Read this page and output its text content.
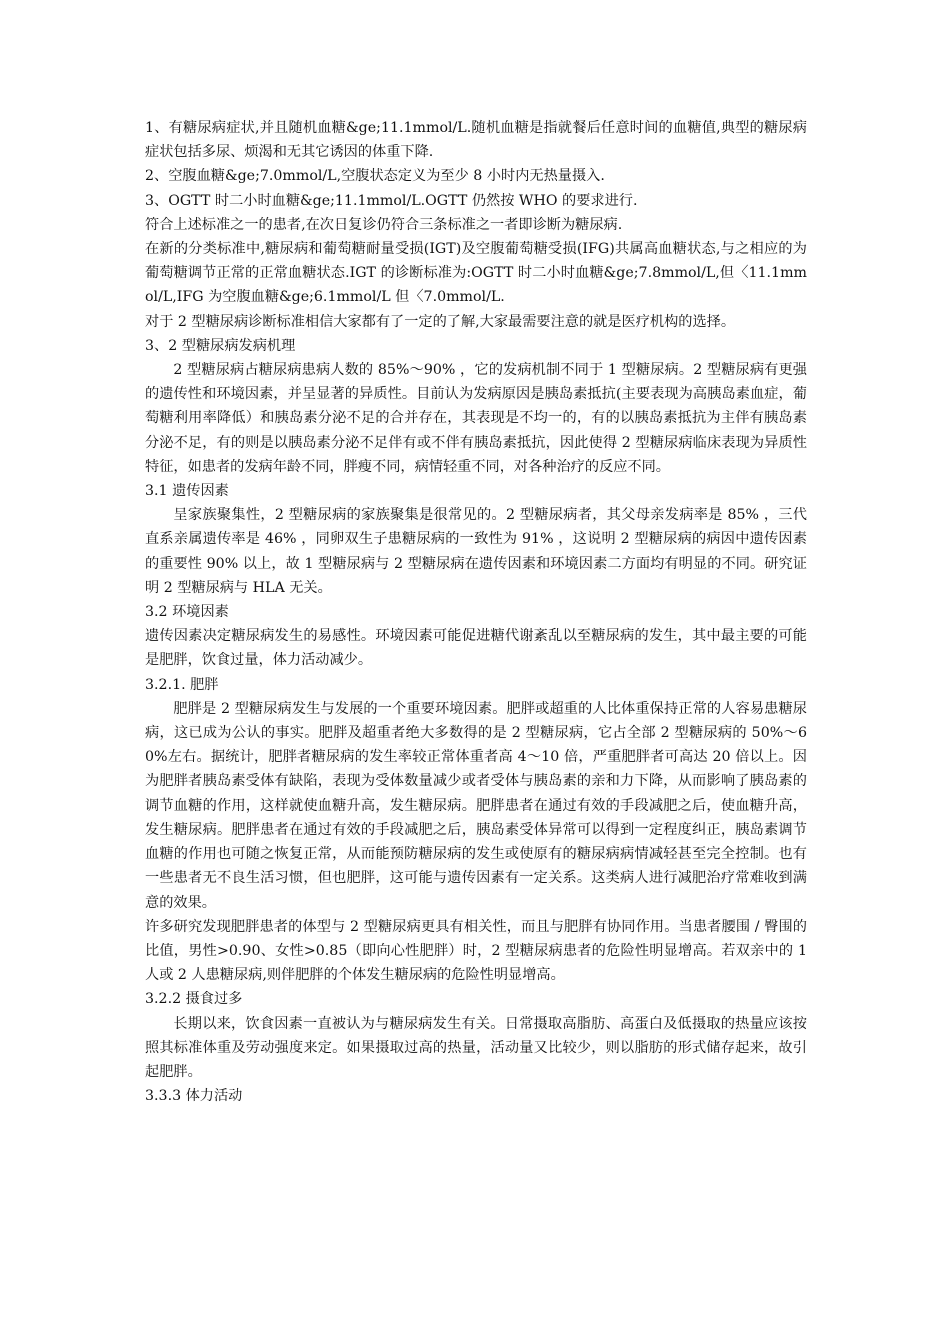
1、有糖尿病症状,并且随机血糖&ge;11.1mmol/L.随机血糖是指就餐后任意时间的血糖值,典型的糖尿病症状包括多尿、烦渴和无其它诱因的体重下降.

2、空腹血糖&ge;7.0mmol/L,空腹状态定义为至少 8 小时内无热量摄入.

3、OGTT 时二小时血糖&ge;11.1mmol/L.OGTT 仍然按 WHO 的要求进行.

符合上述标准之一的患者,在次日复诊仍符合三条标准之一者即诊断为糖尿病.

在新的分类标准中,糖尿病和葡萄糖耐量受损(IGT)及空腹葡萄糖受损(IFG)共属高血糖状态,与之相应的为葡萄糖调节正常的正常血糖状态.IGT 的诊断标准为:OGTT 时二小时血糖&ge;7.8mmol/L,但〈11.1mmol/L,IFG 为空腹血糖&ge;6.1mmol/L 但〈7.0mmol/L.

对于 2 型糖尿病诊断标准相信大家都有了一定的了解,大家最需要注意的就是医疗机构的选择。

3、2 型糖尿病发病机理

2 型糖尿病占糖尿病患病人数的 85%～90% ，它的发病机制不同于 1 型糖尿病。2 型糖尿病有更强的遗传性和环境因素，并呈显著的异质性。目前认为发病原因是胰岛素抵抗(主要表现为高胰岛素血症，葡萄糖利用率降低）和胰岛素分泌不足的合并存在，其表现是不均一的，有的以胰岛素抵抗为主伴有胰岛素分泌不足，有的则是以胰岛素分泌不足伴有或不伴有胰岛素抵抗，因此使得 2 型糖尿病临床表现为异质性特征，如患者的发病年龄不同，胖瘦不同，病情轻重不同，对各种治疗的反应不同。

3.1 遗传因素

呈家族聚集性，2 型糖尿病的家族聚集是很常见的。2 型糖尿病者，其父母亲发病率是 85% ，三代直系亲属遗传率是 46% ，同卵双生子患糖尿病的一致性为 91% ，这说明 2 型糖尿病的病因中遗传因素的重要性 90% 以上，故 1 型糖尿病与 2 型糖尿病在遗传因素和环境因素二方面均有明显的不同。研究证明 2 型糖尿病与 HLA 无关。

3.2 环境因素

遗传因素决定糖尿病发生的易感性。环境因素可能促进糖代谢紊乱以至糖尿病的发生，其中最主要的可能是肥胖，饮食过量，体力活动减少。

3.2.1. 肥胖

肥胖是 2 型糖尿病发生与发展的一个重要环境因素。肥胖或超重的人比体重保持正常的人容易患糖尿病，这已成为公认的事实。肥胖及超重者绝大多数得的是 2 型糖尿病，它占全部 2 型糖尿病的 50%～60%左右。据统计，肥胖者糖尿病的发生率较正常体重者高 4～10 倍，严重肥胖者可高达 20 倍以上。因为肥胖者胰岛素受体有缺陷，表现为受体数量减少或者受体与胰岛素的亲和力下降，从而影响了胰岛素的调节血糖的作用，这样就使血糖升高，发生糖尿病。肥胖患者在通过有效的手段减肥之后，使血糖升高，发生糖尿病。肥胖患者在通过有效的手段减肥之后，胰岛素受体异常可以得到一定程度纠正，胰岛素调节血糖的作用也可随之恢复正常，从而能预防糖尿病的发生或使原有的糖尿病病情减轻甚至完全控制。也有一些患者无不良生活习惯，但也肥胖，这可能与遗传因素有一定关系。这类病人进行减肥治疗常难收到满意的效果。

许多研究发现肥胖患者的体型与 2 型糖尿病更具有相关性，而且与肥胖有协同作用。当患者腰围 / 臀围的比值，男性>0.90、女性>0.85（即向心性肥胖）时，2 型糖尿病患者的危险性明显增高。若双亲中的 1 人或 2 人患糖尿病,则伴肥胖的个体发生糖尿病的危险性明显增高。

3.2.2 摄食过多

长期以来，饮食因素一直被认为与糖尿病发生有关。日常摄取高脂肪、高蛋白及低摄取的热量应该按照其标准体重及劳动强度来定。如果摄取过高的热量，活动量又比较少，则以脂肪的形式储存起来，故引起肥胖。

3.3.3 体力活动
